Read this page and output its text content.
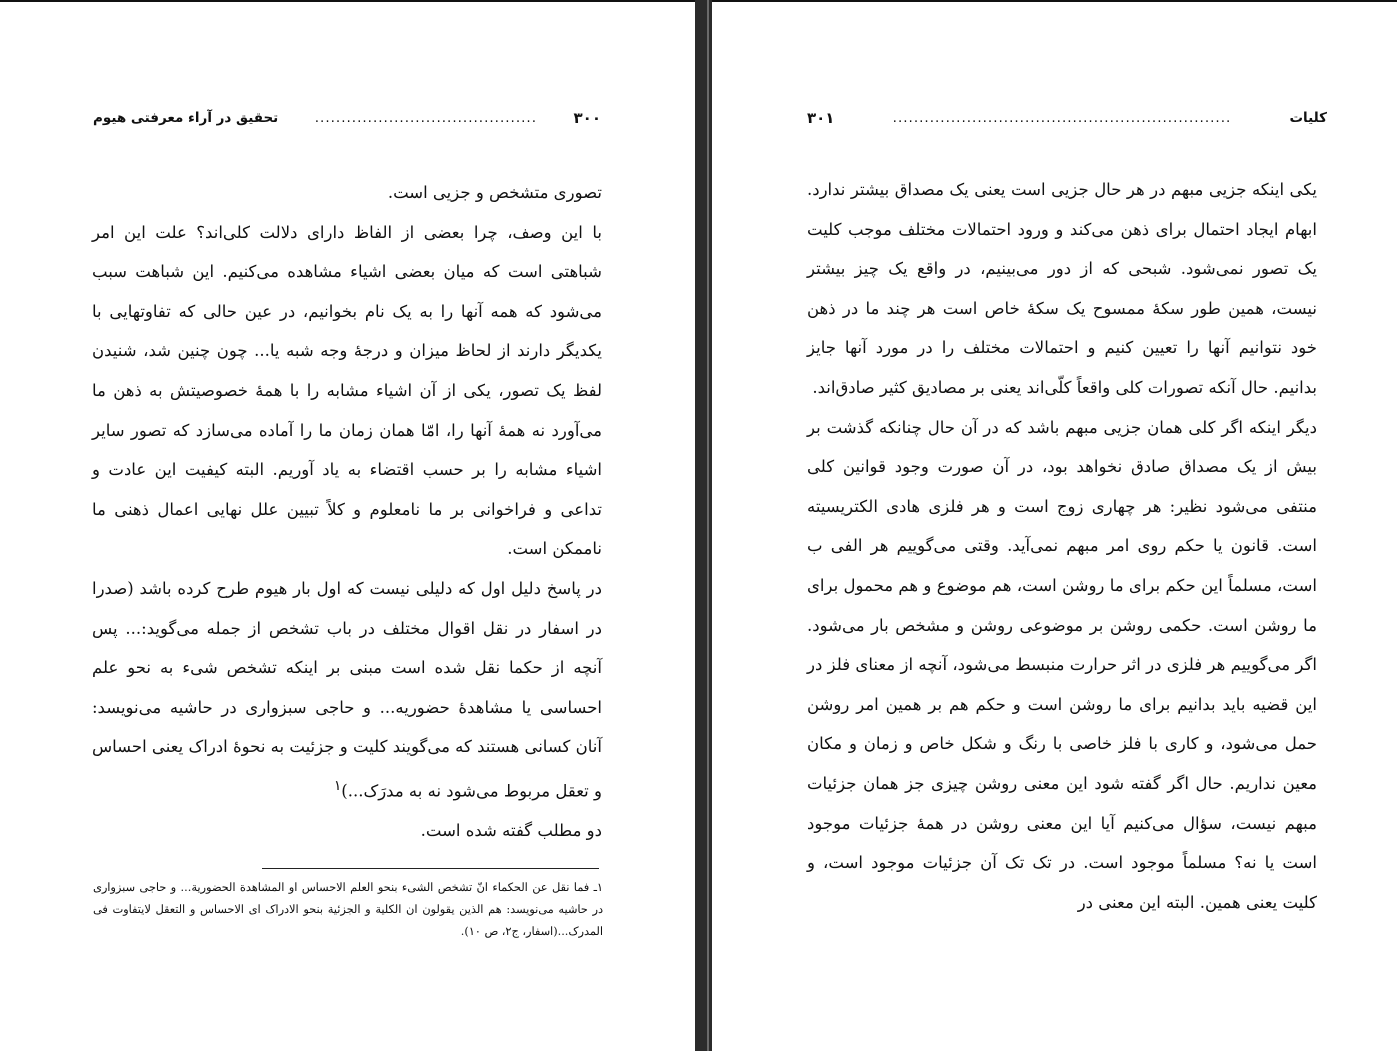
۳۰۰
..........................................
تحقیق در آراء معرفتی هیوم

تصوری متشخص و جزیی است.

با این وصف، چرا بعضی از الفاظ دارای دلالت کلی‌اند؟ علت این امر شباهتی است که میان بعضی اشیاء مشاهده می‌کنیم. این شباهت سبب می‌شود که همه آنها را به یک نام بخوانیم، در عین حالی که تفاوتهایی با یکدیگر دارند از لحاظ میزان و درجهٔ وجه شبه یا... چون چنین شد، شنیدن لفظ یک تصور، یکی از آن اشیاء مشابه را با همهٔ خصوصیتش به ذهن ما می‌آورد نه همهٔ آنها را، امّا همان زمان ما را آماده می‌سازد که تصور سایر اشیاء مشابه را بر حسب اقتضاء به یاد آوریم. البته کیفیت این عادت و تداعی و فراخوانی بر ما نامعلوم و کلاً تبیین علل نهایی اعمال ذهنی ما ناممکن است.

در پاسخ دلیل اول که دلیلی نیست که اول بار هیوم طرح کرده باشد (صدرا در اسفار در نقل اقوال مختلف در باب تشخص از جمله می‌گوید:... پس آنچه از حکما نقل شده است مبنی بر اینکه تشخص شیء به نحو علم احساسی یا مشاهدهٔ حضوریه... و حاجی سبزواری در حاشیه می‌نویسد: آنان کسانی هستند که می‌گویند کلیت و جزئیت به نحوهٔ ادراک یعنی احساس و تعقل مربوط می‌شود نه به مدرَک...)$^۱$

دو مطلب گفته شده است.

۱ـ فما نقل عن الحکماء انّ تشخص الشیء بنحو العلم الاحساس او المشاهدة الحضوریة... و حاجی سبزواری در حاشیه می‌نویسد: هم الذین یقولون ان الکلیة و الجزئیة بنحو الادراک ای الاحساس و التعقل لایتفاوت فی المدرک...(اسفار، ج۲، ص ۱۰).
کلیات
................................................................
۳۰۱

یکی اینکه جزیی مبهم در هر حال جزیی است یعنی یک مصداق بیشتر ندارد. ابهام ایجاد احتمال برای ذهن می‌کند و ورود احتمالات مختلف موجب کلیت یک تصور نمی‌شود. شبحی که از دور می‌بینیم، در واقع یک چیز بیشتر نیست، همین طور سکهٔ ممسوح یک سکهٔ خاص است هر چند ما در ذهن خود نتوانیم آنها را تعیین کنیم و احتمالات مختلف را در مورد آنها جایز بدانیم. حال آنکه تصورات کلی واقعاً کلّی‌اند یعنی بر مصادیق کثیر صادق‌اند.

دیگر اینکه اگر کلی همان جزیی مبهم باشد که در آن حال چنانکه گذشت بر بیش از یک مصداق صادق نخواهد بود، در آن صورت وجود قوانین کلی منتفی می‌شود نظیر: هر چهاری زوج است و هر فلزی هادی الکتریسیته است. قانون یا حکم روی امر مبهم نمی‌آید. وقتی می‌گوییم هر الفی ب است، مسلماً این حکم برای ما روشن است، هم موضوع و هم محمول برای ما روشن است. حکمی روشن بر موضوعی روشن و مشخص بار می‌شود. اگر می‌گوییم هر فلزی در اثر حرارت منبسط می‌شود، آنچه از معنای فلز در این قضیه باید بدانیم برای ما روشن است و حکم هم بر همین امر روشن حمل می‌شود، و کاری با فلز خاصی با رنگ و شکل خاص و زمان و مکان معین نداریم. حال اگر گفته شود این معنی روشن چیزی جز همان جزئیات مبهم نیست، سؤال می‌کنیم آیا این معنی روشن در همهٔ جزئیات موجود است یا نه؟ مسلماً موجود است. در تک تک آن جزئیات موجود است، و کلیت یعنی همین. البته این معنی در
